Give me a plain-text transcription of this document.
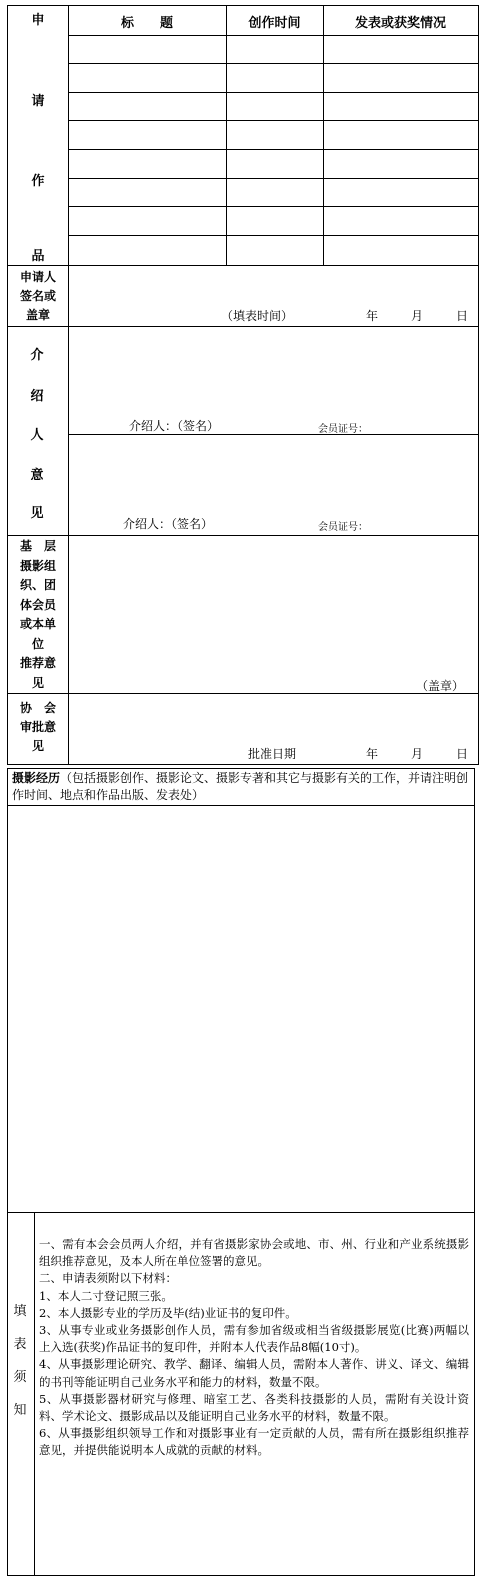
申
请
作
品
标　　题	创作时间	发表或获奖情况
申请人
签名或
盖章	（填表时间）	年	月	日
介
绍
人
意
见
介绍人：（签名）	会员证号：
介绍人：（签名）	会员证号：
基　层
摄影组
织、团
体会员
或本单
位
推荐意
见	（盖章）
协　会
审批意
见
批准日期	年	月	日
摄影经历（包括摄影创作、摄影论文、摄影专著和其它与摄影有关的工作，并请注明创作时间、地点和作品出版、发表处）
填
表
须
知

一、需有本会会员两人介绍，并有省摄影家协会或地、市、州、行业和产业系统摄影组织推荐意见，及本人所在单位签署的意见。

二、申请表须附以下材料：

1、本人二寸登记照三张。

2、本人摄影专业的学历及毕(结)业证书的复印件。

3、从事专业或业务摄影创作人员，需有参加省级或相当省级摄影展览(比赛)两幅以上入选(获奖)作品证书的复印件，并附本人代表作品8幅(10寸)。

4、从事摄影理论研究、教学、翻译、编辑人员，需附本人著作、讲义、译文、编辑的书刊等能证明自己业务水平和能力的材料，数量不限。

5、从事摄影器材研究与修理、暗室工艺、各类科技摄影的人员，需附有关设计资料、学术论文、摄影成品以及能证明自己业务水平的材料，数量不限。

6、从事摄影组织领导工作和对摄影事业有一定贡献的人员，需有所在摄影组织推荐意见，并提供能说明本人成就的贡献的材料。
